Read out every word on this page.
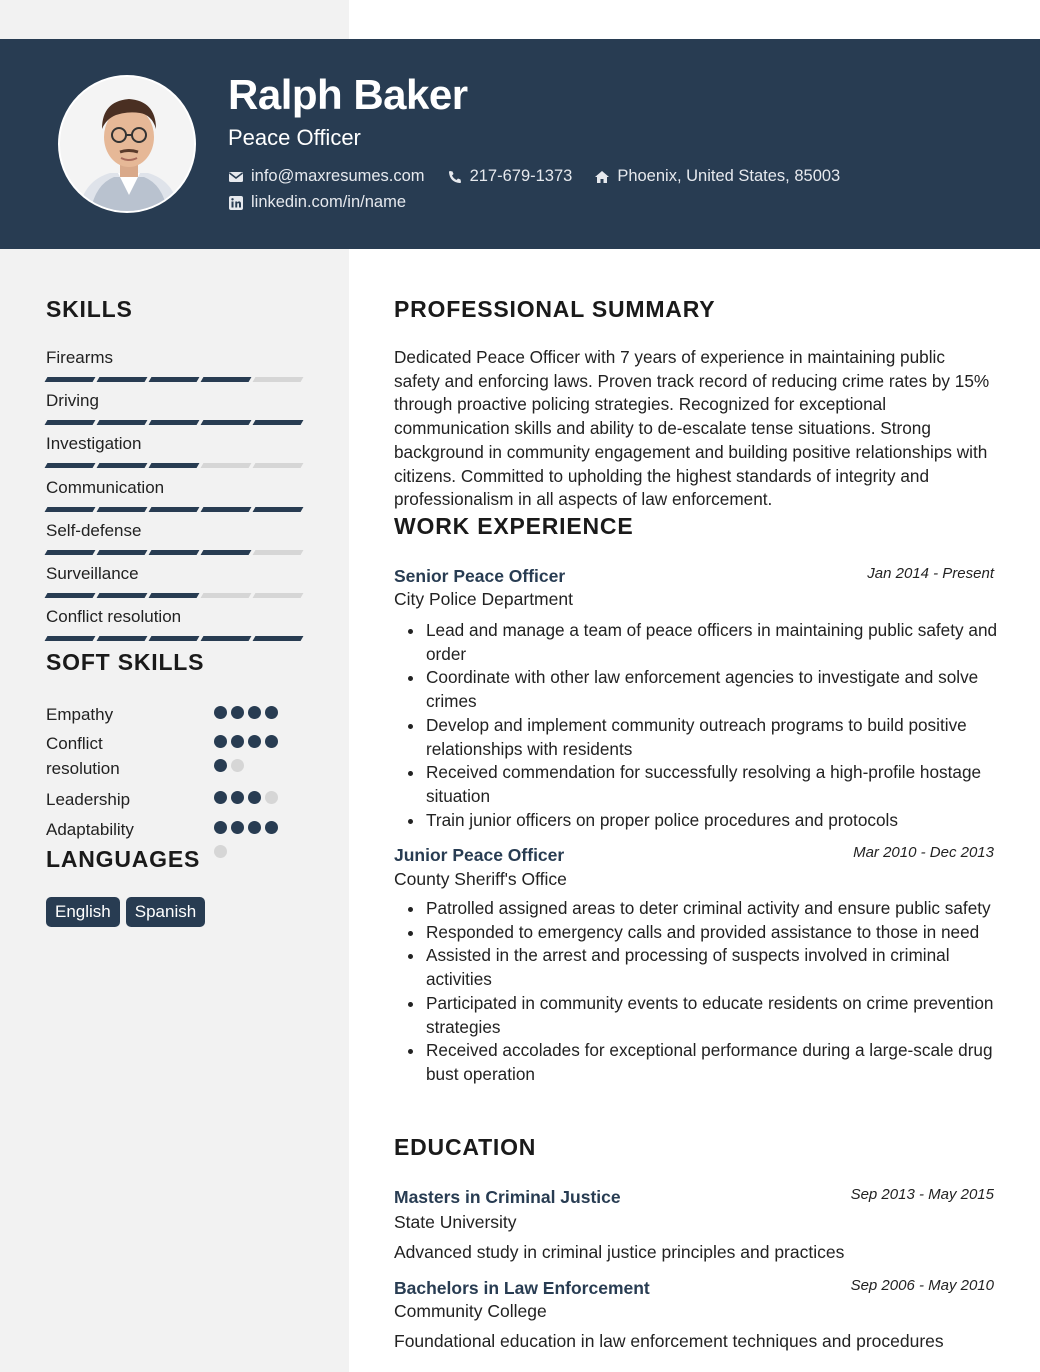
Ralph Baker
Peace Officer
info@maxresumes.com	217-679-1373	Phoenix, United States, 85003
linkedin.com/in/name
SKILLS
Firearms
Driving
Investigation
Communication
Self-defense
Surveillance
Conflict resolution
SOFT SKILLS
Empathy
Conflict resolution
Leadership
Adaptability
LANGUAGES
English	Spanish
PROFESSIONAL SUMMARY

Dedicated Peace Officer with 7 years of experience in maintaining public safety and enforcing laws. Proven track record of reducing crime rates by 15% through proactive policing strategies. Recognized for exceptional communication skills and ability to de-escalate tense situations. Strong background in community engagement and building positive relationships with citizens. Committed to upholding the highest standards of integrity and professionalism in all aspects of law enforcement.

WORK EXPERIENCE
Senior Peace Officer	Jan 2014 - Present
City Police Department
Lead and manage a team of peace officers in maintaining public safety and order
Coordinate with other law enforcement agencies to investigate and solve crimes
Develop and implement community outreach programs to build positive relationships with residents
Received commendation for successfully resolving a high-profile hostage situation
Train junior officers on proper police procedures and protocols
Junior Peace Officer	Mar 2010 - Dec 2013
County Sheriff's Office
Patrolled assigned areas to deter criminal activity and ensure public safety
Responded to emergency calls and provided assistance to those in need
Assisted in the arrest and processing of suspects involved in criminal activities
Participated in community events to educate residents on crime prevention strategies
Received accolades for exceptional performance during a large-scale drug bust operation
EDUCATION
Masters in Criminal Justice	Sep 2013 - May 2015
State University
Advanced study in criminal justice principles and practices
Bachelors in Law Enforcement	Sep 2006 - May 2010
Community College
Foundational education in law enforcement techniques and procedures
